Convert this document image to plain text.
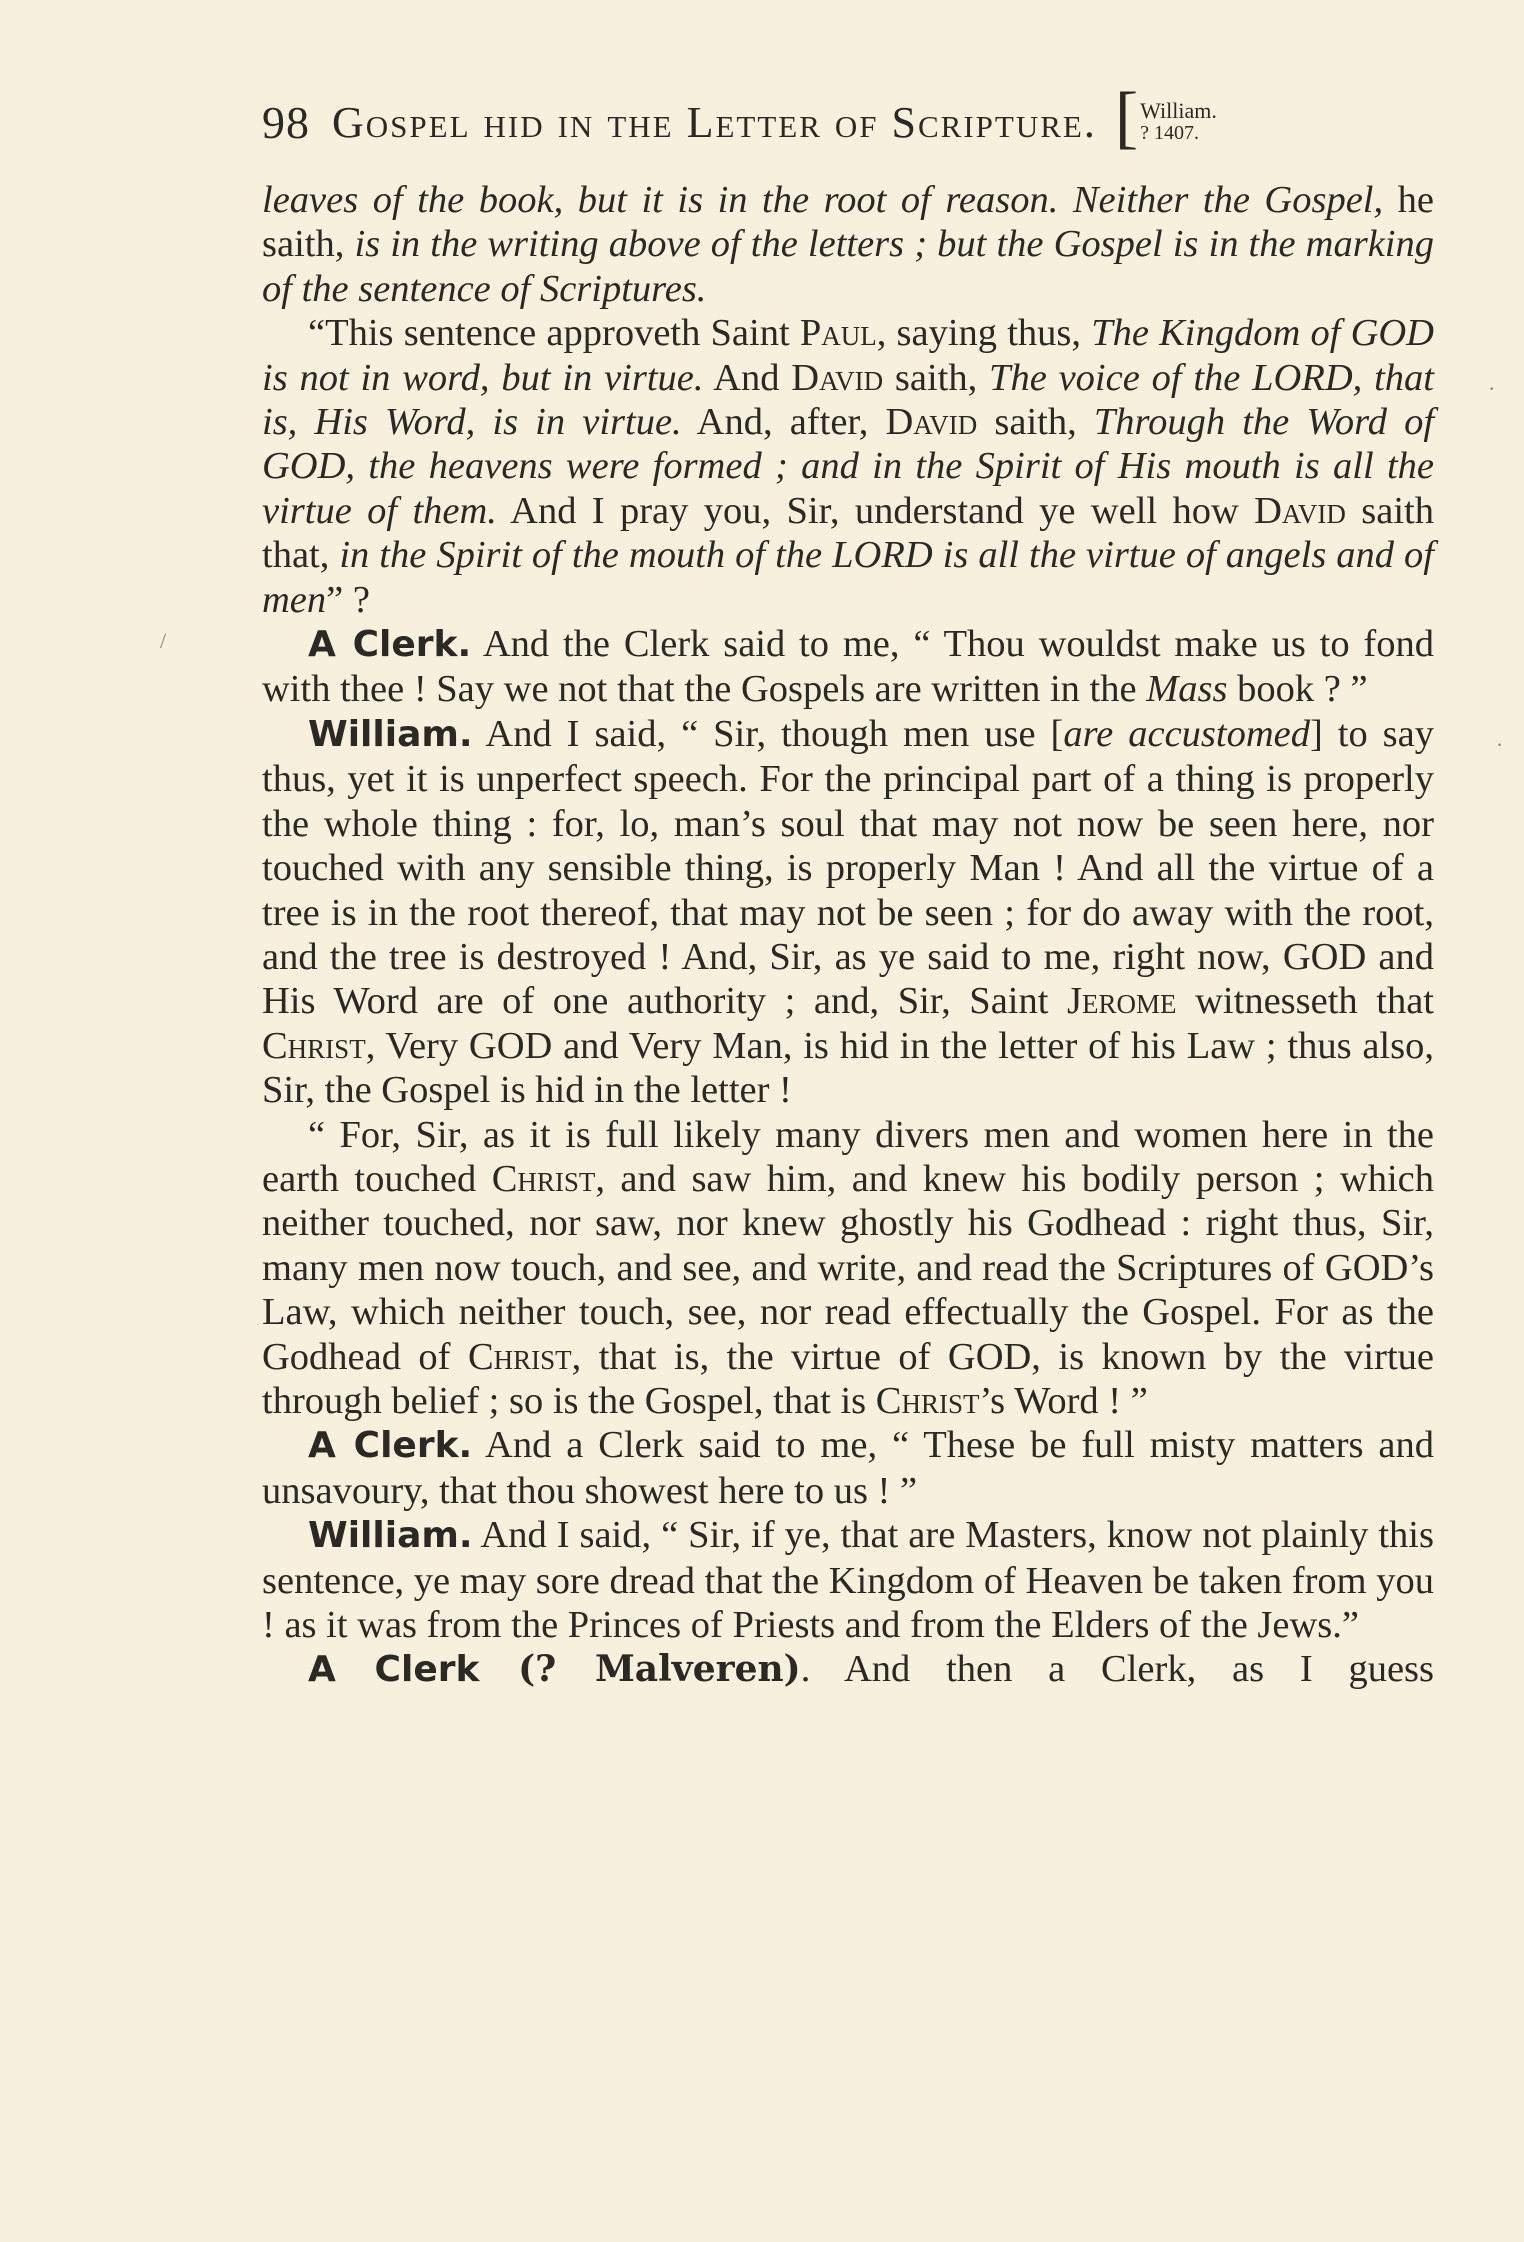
98 Gospel hid in the Letter of Scripture. [ William.
? 1407.

leaves of the book, but it is in the root of reason. Neither the Gospel, he saith, is in the writing above of the letters ; but the Gospel is in the marking of the sentence of Scriptures.

“This sentence approveth Saint Paul, saying thus, The Kingdom of GOD is not in word, but in virtue. And David saith, The voice of the LORD, that is, His Word, is in virtue. And, after, David saith, Through the Word of GOD, the heavens were formed ; and in the Spirit of His mouth is all the virtue of them. And I pray you, Sir, understand ye well how David saith that, in the Spirit of the mouth of the LORD is all the virtue of angels and of men” ?

A Clerk. And the Clerk said to me, “ Thou wouldst make us to fond with thee ! Say we not that the Gospels are written in the Mass book ? ”

William. And I said, “ Sir, though men use [are accustomed] to say thus, yet it is unperfect speech. For the principal part of a thing is properly the whole thing : for, lo, man’s soul that may not now be seen here, nor touched with any sensible thing, is properly Man ! And all the virtue of a tree is in the root thereof, that may not be seen ; for do away with the root, and the tree is destroyed ! And, Sir, as ye said to me, right now, GOD and His Word are of one authority ; and, Sir, Saint Jerome witnesseth that Christ, Very GOD and Very Man, is hid in the letter of his Law ; thus also, Sir, the Gospel is hid in the letter !

“ For, Sir, as it is full likely many divers men and women here in the earth touched Christ, and saw him, and knew his bodily person ; which neither touched, nor saw, nor knew ghostly his Godhead : right thus, Sir, many men now touch, and see, and write, and read the Scriptures of GOD’s Law, which neither touch, see, nor read effectually the Gospel. For as the Godhead of Christ, that is, the virtue of GOD, is known by the virtue through belief ; so is the Gospel, that is Christ’s Word ! ”

A Clerk. And a Clerk said to me, “ These be full misty matters and unsavoury, that thou showest here to us ! ”

William. And I said, “ Sir, if ye, that are Masters, know not plainly this sentence, ye may sore dread that the Kingdom of Heaven be taken from you ! as it was from the Princes of Priests and from the Elders of the Jews.”

A Clerk (? Malveren). And then a Clerk, as I guess

·
/
·
